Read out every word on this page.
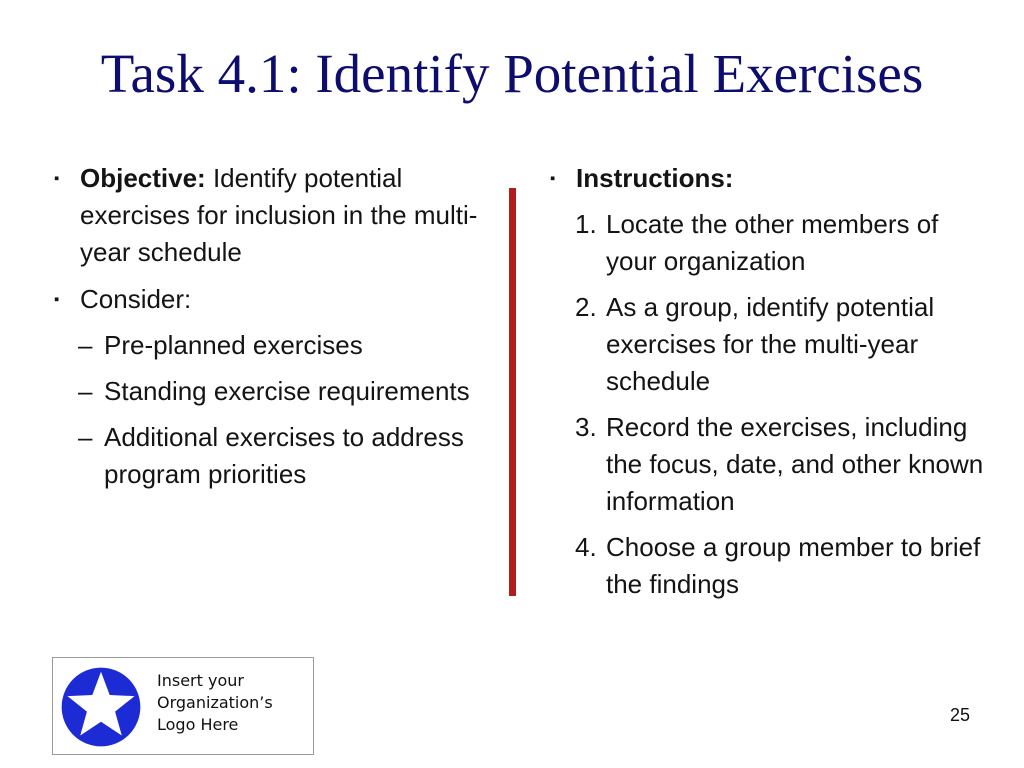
Task 4.1: Identify Potential Exercises
▪ Objective: Identify potential exercises for inclusion in the multi-year schedule
▪ Consider:
– Pre-planned exercises
– Standing exercise requirements
– Additional exercises to address program priorities
▪ Instructions:
1. Locate the other members of your organization
2. As a group, identify potential exercises for the multi-year schedule
3. Record the exercises, including the focus, date, and other known information
4. Choose a group member to brief the findings
Insert your
Organization’s
Logo Here	25
